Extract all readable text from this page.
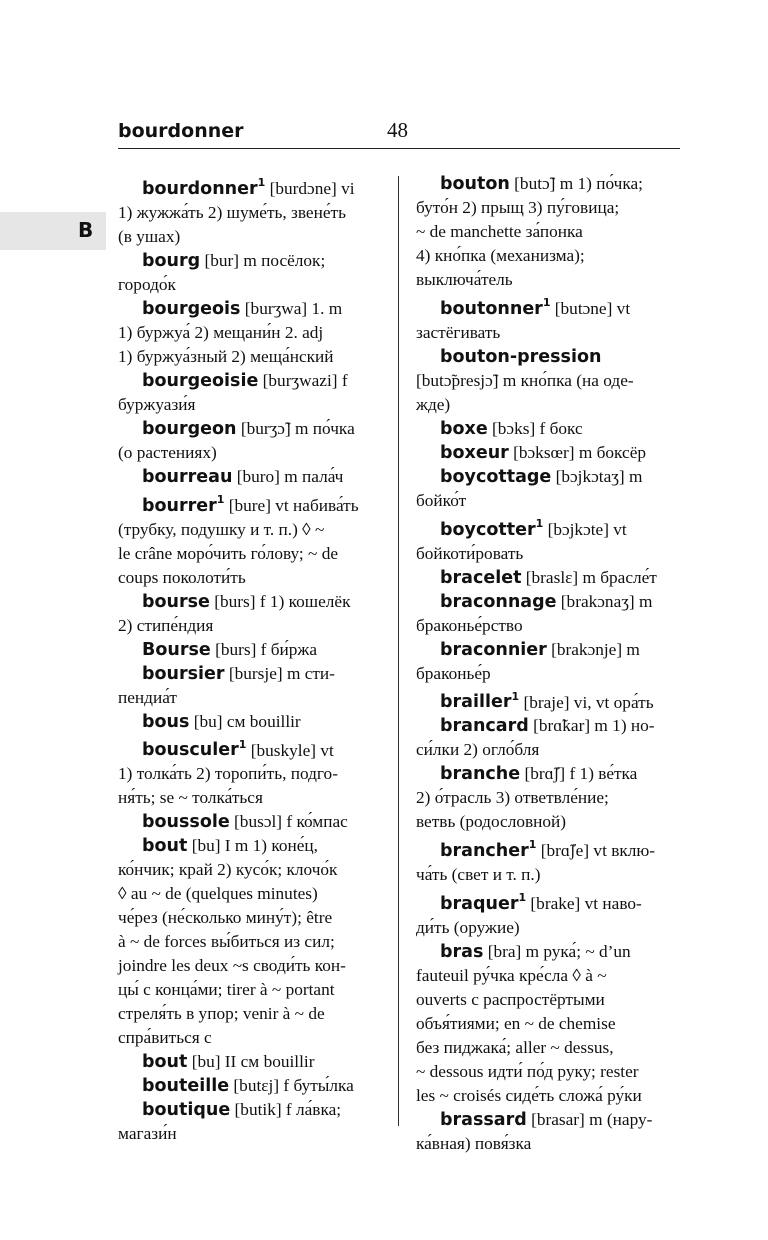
bourdonner	48
B
bourdonner$^1$ [burdɔne] vi
1) жужжа́ть 2) шуме́ть, звене́ть
(в ушах)
bourg [bur] m посёлок;
городо́к
bourgeois [burʒwa] 1. m
1) буржуа́ 2) мещани́н 2. adj
1) буржуа́зный 2) меща́нский
bourgeoisie [burʒwazi] f
буржуази́я
bourgeon [burʒɔ̃] m по́чка
(о растениях)
bourreau [buro] m пала́ч
bourrer$^1$ [bure] vt набива́ть
(трубку, подушку и т. п.) ◊ ~
le crâne моро́чить го́лову; ~ de
coups поколоти́ть
bourse [burs] f 1) кошелёк
2) стипе́ндия
Bourse [burs] f би́ржа
boursier [bursje] m сти-
пендиа́т
bous [bu] см bouillir
bousculer$^1$ [buskyle] vt
1) толка́ть 2) торопи́ть, подго-
ня́ть; se ~ толка́ться
boussole [busɔl] f ко́мпас
bout [bu] I m 1) коне́ц,
ко́нчик; край 2) кусо́к; клочо́к
◊ au ~ de (quelques minutes)
че́рез (не́сколько мину́т); être
à ~ de forces вы́биться из сил;
joindre les deux ~s своди́ть кон-
цы́ с конца́ми; tirer à ~ portant
стреля́ть в упор; venir à ~ de
спра́виться с
bout [bu] II см bouillir
bouteille [butɛj] f буты́лка
boutique [butik] f ла́вка;
магази́н
bouton [butɔ̃] m 1) по́чка;
буто́н 2) прыщ 3) пу́говица;
~ de manchette за́понка
4) кно́пка (механизма);
выключа́тель
boutonner$^1$ [butɔne] vt
застёгивать
bouton-pression
[butɔ̃presjɔ̃] m кно́пка (на оде-
жде)
boxe [bɔks] f бокс
boxeur [bɔksœr] m боксёр
boycottage [bɔjkɔtaʒ] m
бойко́т
boycotter$^1$ [bɔjkɔte] vt
бойкоти́ровать
bracelet [braslɛ] m брасле́т
braconnage [brakɔnaʒ] m
браконье́рство
braconnier [brakɔnje] m
браконье́р
brailler$^1$ [braje] vi, vt ора́ть
brancard [brɑ̃kar] m 1) но-
си́лки 2) огло́бля
branche [brɑ̃ʃ] f 1) ве́тка
2) о́трасль 3) ответвле́ние;
ветвь (родословной)
brancher$^1$ [brɑ̃ʃe] vt вклю-
ча́ть (свет и т. п.)
braquer$^1$ [brake] vt наво-
ди́ть (оружие)
bras [bra] m рука́; ~ d’un
fauteuil ру́чка кре́сла ◊ à ~
ouverts с распростёртыми
объя́тиями; en ~ de chemise
без пиджака́; aller ~ dessus,
~ dessous идти́ по́д руку; rester
les ~ croisés сиде́ть сложа́ ру́ки
brassard [brasar] m (нару-
ка́вная) повя́зка
